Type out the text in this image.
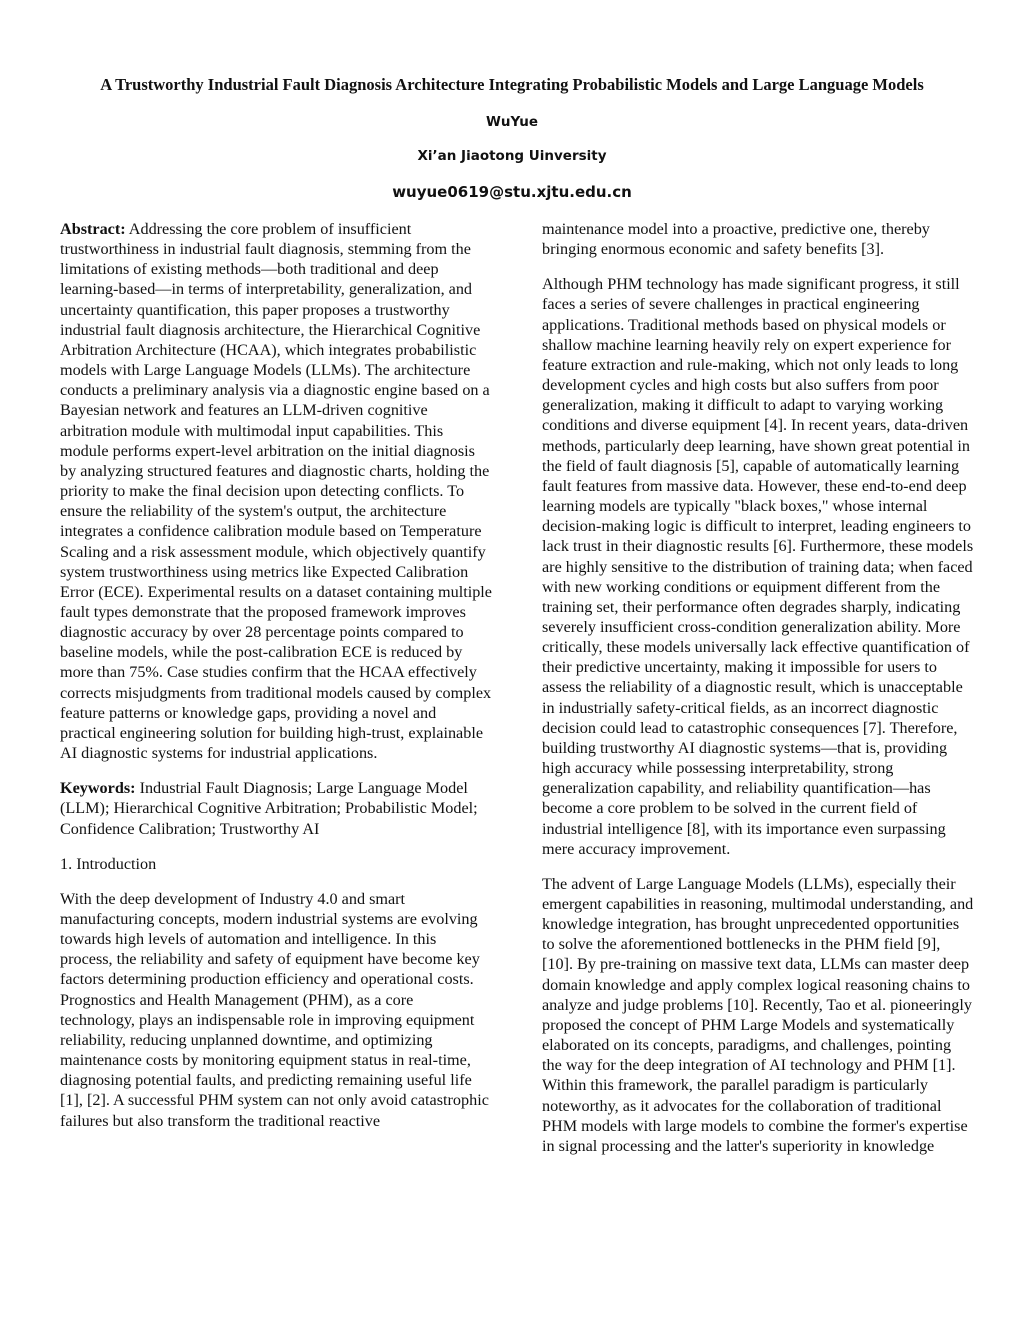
A Trustworthy Industrial Fault Diagnosis Architecture Integrating Probabilistic Models and Large Language Models
WuYue
Xi’an Jiaotong Uinversity
wuyue0619@stu.xjtu.edu.cn

Abstract: Addressing the core problem of insufficient trustworthiness in industrial fault diagnosis, stemming from the limitations of existing methods—both traditional and deep learning-based—in terms of interpretability, generalization, and uncertainty quantification, this paper proposes a trustworthy industrial fault diagnosis architecture, the Hierarchical Cognitive Arbitration Architecture (HCAA), which integrates probabilistic models with Large Language Models (LLMs). The architecture conducts a preliminary analysis via a diagnostic engine based on a Bayesian network and features an LLM-driven cognitive arbitration module with multimodal input capabilities. This module performs expert-level arbitration on the initial diagnosis by analyzing structured features and diagnostic charts, holding the priority to make the final decision upon detecting conflicts. To ensure the reliability of the system's output, the architecture integrates a confidence calibration module based on Temperature Scaling and a risk assessment module, which objectively quantify system trustworthiness using metrics like Expected Calibration Error (ECE). Experimental results on a dataset containing multiple fault types demonstrate that the proposed framework improves diagnostic accuracy by over 28 percentage points compared to baseline models, while the post-calibration ECE is reduced by more than 75%. Case studies confirm that the HCAA effectively corrects misjudgments from traditional models caused by complex feature patterns or knowledge gaps, providing a novel and practical engineering solution for building high-trust, explainable AI diagnostic systems for industrial applications.

Keywords: Industrial Fault Diagnosis; Large Language Model (LLM); Hierarchical Cognitive Arbitration; Probabilistic Model; Confidence Calibration; Trustworthy AI

1. Introduction

With the deep development of Industry 4.0 and smart manufacturing concepts, modern industrial systems are evolving towards high levels of automation and intelligence. In this process, the reliability and safety of equipment have become key factors determining production efficiency and operational costs. Prognostics and Health Management (PHM), as a core technology, plays an indispensable role in improving equipment reliability, reducing unplanned downtime, and optimizing maintenance costs by monitoring equipment status in real-time, diagnosing potential faults, and predicting remaining useful life [1], [2]. A successful PHM system can not only avoid catastrophic failures but also transform the traditional reactive

maintenance model into a proactive, predictive one, thereby bringing enormous economic and safety benefits [3].

Although PHM technology has made significant progress, it still faces a series of severe challenges in practical engineering applications. Traditional methods based on physical models or shallow machine learning heavily rely on expert experience for feature extraction and rule-making, which not only leads to long development cycles and high costs but also suffers from poor generalization, making it difficult to adapt to varying working conditions and diverse equipment [4]. In recent years, data-driven methods, particularly deep learning, have shown great potential in the field of fault diagnosis [5], capable of automatically learning fault features from massive data. However, these end-to-end deep learning models are typically "black boxes," whose internal decision-making logic is difficult to interpret, leading engineers to lack trust in their diagnostic results [6]. Furthermore, these models are highly sensitive to the distribution of training data; when faced with new working conditions or equipment different from the training set, their performance often degrades sharply, indicating severely insufficient cross-condition generalization ability. More critically, these models universally lack effective quantification of their predictive uncertainty, making it impossible for users to assess the reliability of a diagnostic result, which is unacceptable in industrially safety-critical fields, as an incorrect diagnostic decision could lead to catastrophic consequences [7]. Therefore, building trustworthy AI diagnostic systems—that is, providing high accuracy while possessing interpretability, strong generalization capability, and reliability quantification—has become a core problem to be solved in the current field of industrial intelligence [8], with its importance even surpassing mere accuracy improvement.

The advent of Large Language Models (LLMs), especially their emergent capabilities in reasoning, multimodal understanding, and knowledge integration, has brought unprecedented opportunities to solve the aforementioned bottlenecks in the PHM field [9], [10]. By pre-training on massive text data, LLMs can master deep domain knowledge and apply complex logical reasoning chains to analyze and judge problems [10]. Recently, Tao et al. pioneeringly proposed the concept of PHM Large Models and systematically elaborated on its concepts, paradigms, and challenges, pointing the way for the deep integration of AI technology and PHM [1]. Within this framework, the parallel paradigm is particularly noteworthy, as it advocates for the collaboration of traditional PHM models with large models to combine the former's expertise in signal processing and the latter's superiority in knowledge
